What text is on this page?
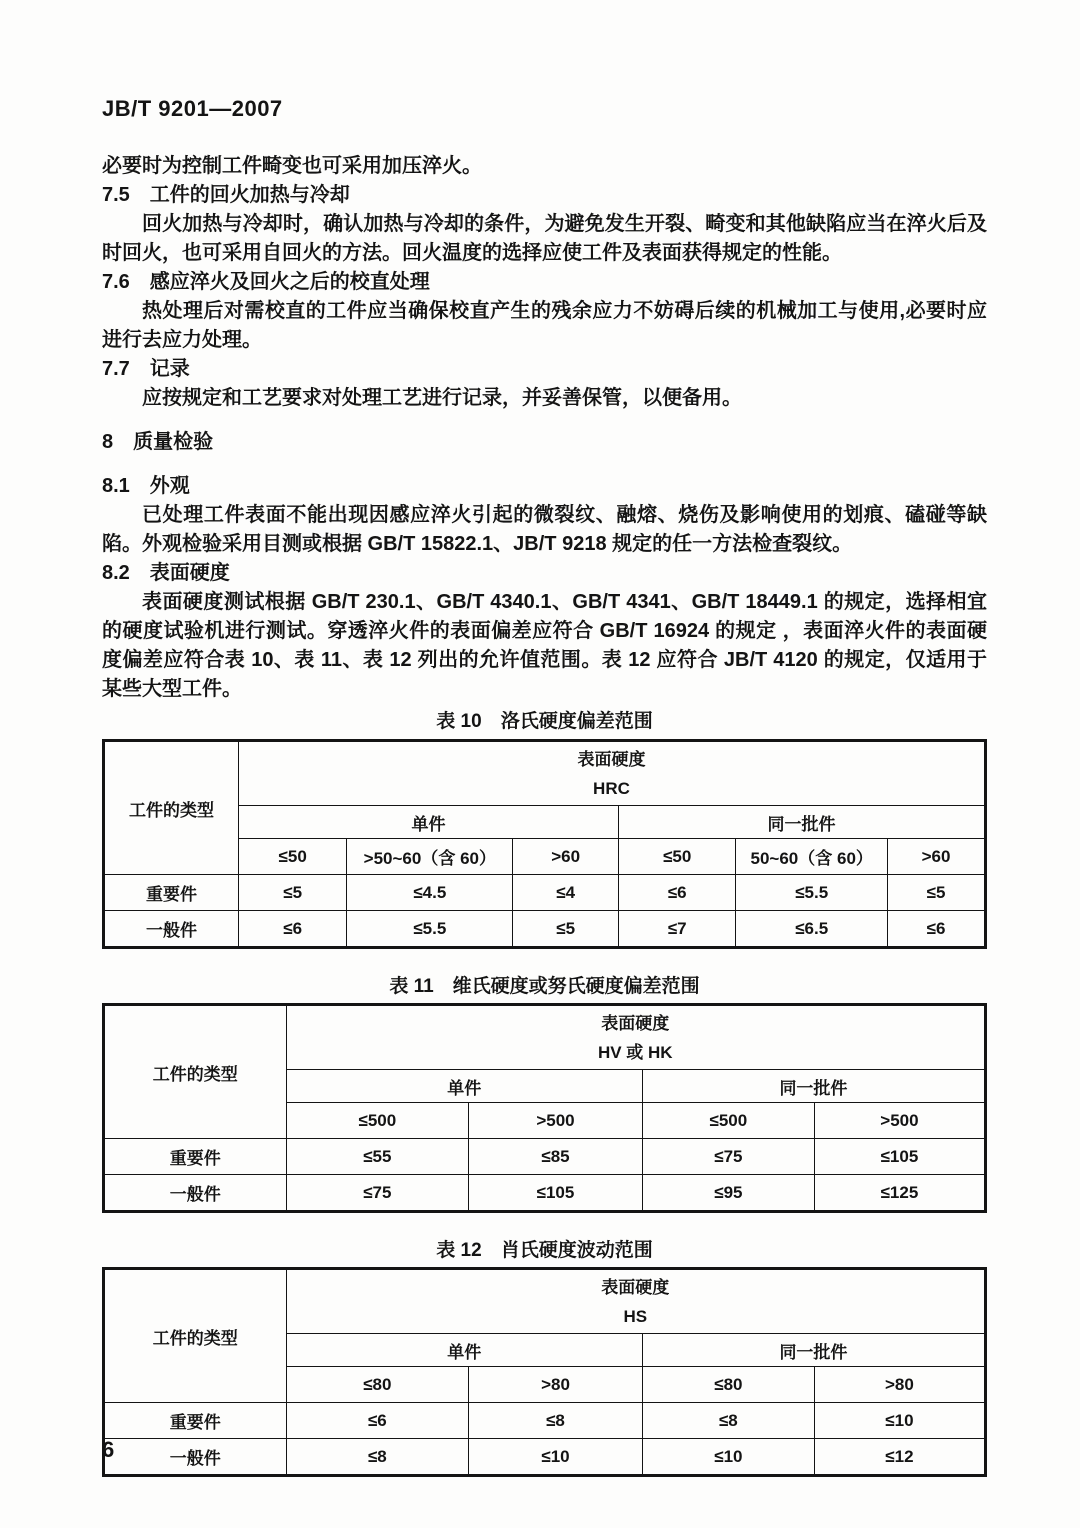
JB/T 9201—2007

必要时为控制工件畸变也可采用加压淬火。

7.5　工件的回火加热与冷却

回火加热与冷却时，确认加热与冷却的条件，为避免发生开裂、畸变和其他缺陷应当在淬火后及时回火，也可采用自回火的方法。回火温度的选择应使工件及表面获得规定的性能。

7.6　感应淬火及回火之后的校直处理

热处理后对需校直的工件应当确保校直产生的残余应力不妨碍后续的机械加工与使用,必要时应进行去应力处理。

7.7　记录

应按规定和工艺要求对处理工艺进行记录，并妥善保管，以便备用。

8　质量检验

8.1　外观

已处理工件表面不能出现因感应淬火引起的微裂纹、融熔、烧伤及影响使用的划痕、磕碰等缺陷。外观检验采用目测或根据 GB/T 15822.1、JB/T 9218 规定的任一方法检查裂纹。

8.2　表面硬度

表面硬度测试根据 GB/T 230.1、GB/T 4340.1、GB/T 4341、GB/T 18449.1 的规定，选择相宜的硬度试验机进行测试。穿透淬火件的表面偏差应符合 GB/T 16924 的规定 ，表面淬火件的表面硬度偏差应符合表 10、表 11、表 12 列出的允许值范围。表 12 应符合 JB/T 4120 的规定，仅适用于某些大型工件。

表 10　洛氏硬度偏差范围
工件的类型	表面硬度
HRC					

	单件			同一批件		
	≤50	>50~60（含 60）	>60	≤50	50~60（含 60）	>60
重要件	≤5	≤4.5	≤4	≤6	≤5.5	≤5
一般件	≤6	≤5.5	≤5	≤7	≤6.5	≤6
表 11　维氏硬度或努氏硬度偏差范围
工件的类型	表面硬度
HV 或 HK			

	单件		同一批件	
	≤500	>500	≤500	>500
重要件	≤55	≤85	≤75	≤105
一般件	≤75	≤105	≤95	≤125
表 12　肖氏硬度波动范围
工件的类型	表面硬度
HS			

	单件		同一批件	
	≤80	>80	≤80	>80
重要件	≤6	≤8	≤8	≤10
一般件	≤8	≤10	≤10	≤12
6
